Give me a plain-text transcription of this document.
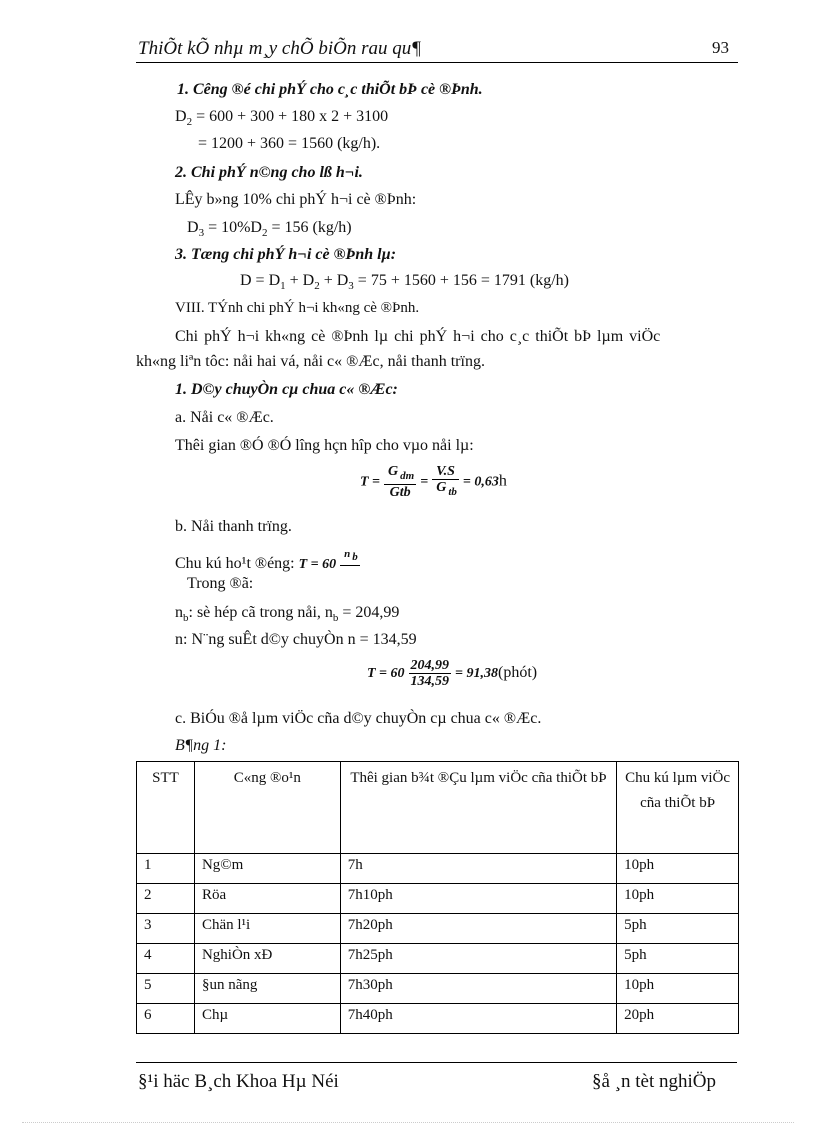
ThiÕt kÕ nhµ m¸y chÕ biÕn rau qu¶	93
1. Cêng ®é chi phÝ cho c¸c thiÕt bÞ cè ®Þnh.
$D_2 = 600 + 300 + 180$ x 2 + 3100
= 1200 + 360 = 1560 (kg/h).
2. Chi phÝ n©ng cho lß h¬i.
LÊy b»ng 10% chi phÝ h¬i cè ®Þnh:
$D_3 = 10\%D_2 = 156$ (kg/h)
3. Tæng chi phÝ h¬i cè ®Þnh lµ:
$D = D_1 + D_2 + D_3 = 75 + 1560 + 156 = 1791$ (kg/h)
VIII. TÝnh chi phÝ h¬i kh«ng cè ®Þnh.
Chi phÝ h¬i kh«ng cè ®Þnh lµ chi phÝ h¬i cho c¸c thiÕt bÞ lµm viÖc
kh«ng liªn tôc: nåi hai vá, nåi c« ®Æc, nåi thanh trïng.
1. D©y chuyÒn cµ chua c« ®Æc:
a. Nåi c« ®Æc.
Thêi gian ®Ó ®Ó lîng hçn hîp cho vµo nåi lµ:
$T = \frac{G _{dm}}{\text{Gtb}} = \frac{V.S}{G _{tb}} = 0,63h$
b. Nåi thanh trïng.
Chu kú ho¹t ®éng: T = 60
n $_b$
Trong ®ã:
$n_b$: sè hép cã trong nåi, $n_b = 204,99$
n: N¨ng suÊt d©y chuyÒn n = 134,59
$T = 60 \frac{204,99}{134,59}$ = 91,38(phót)
c. BiÓu ®å lµm viÖc cña d©y chuyÒn cµ chua c« ®Æc.
B¶ng 1:
STT	C«ng ®o¹n	Thêi gian b¾t ®Çu lµm viÖc cña thiÕt bÞ	Chu kú lµm viÖc cña thiÕt bÞ
1	Ng©m	7h	10ph
2	Röa	7h10ph	10ph
3	Chän l¹i	7h20ph	5ph
4	NghiÒn xÐ	7h25ph	5ph
5	§un nãng	7h30ph	10ph
6	Chµ	7h40ph	20ph
§¹i häc B¸ch Khoa Hµ Néi	§å ¸n tèt nghiÖp
